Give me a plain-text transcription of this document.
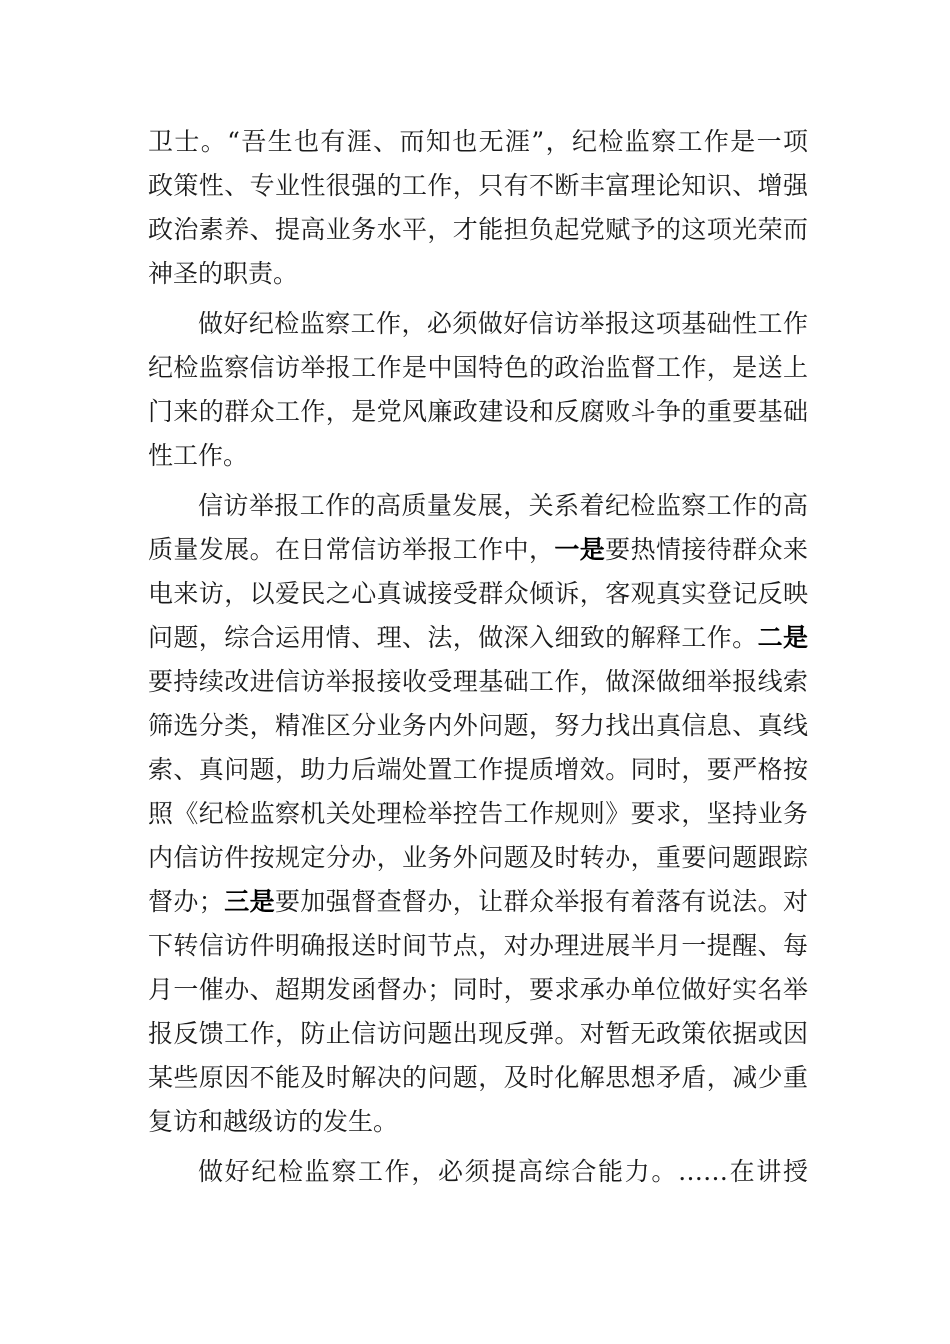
卫士。“吾生也有涯、而知也无涯”，纪检监察工作是一项
政策性、专业性很强的工作，只有不断丰富理论知识、增强
政治素养、提高业务水平，才能担负起党赋予的这项光荣而
神圣的职责。
做好纪检监察工作，必须做好信访举报这项基础性工作
纪检监察信访举报工作是中国特色的政治监督工作，是送上
门来的群众工作，是党风廉政建设和反腐败斗争的重要基础
性工作。
信访举报工作的高质量发展，关系着纪检监察工作的高
质量发展。在日常信访举报工作中，一是要热情接待群众来
电来访，以爱民之心真诚接受群众倾诉，客观真实登记反映
问题，综合运用情、理、法，做深入细致的解释工作。二是
要持续改进信访举报接收受理基础工作，做深做细举报线索
筛选分类，精准区分业务内外问题，努力找出真信息、真线
索、真问题，助力后端处置工作提质增效。同时，要严格按
照《纪检监察机关处理检举控告工作规则》要求，坚持业务
内信访件按规定分办，业务外问题及时转办，重要问题跟踪
督办；三是要加强督查督办，让群众举报有着落有说法。对
下转信访件明确报送时间节点，对办理进展半月一提醒、每
月一催办、超期发函督办；同时，要求承办单位做好实名举
报反馈工作，防止信访问题出现反弹。对暂无政策依据或因
某些原因不能及时解决的问题，及时化解思想矛盾，减少重
复访和越级访的发生。
做好纪检监察工作，必须提高综合能力。……在讲授
